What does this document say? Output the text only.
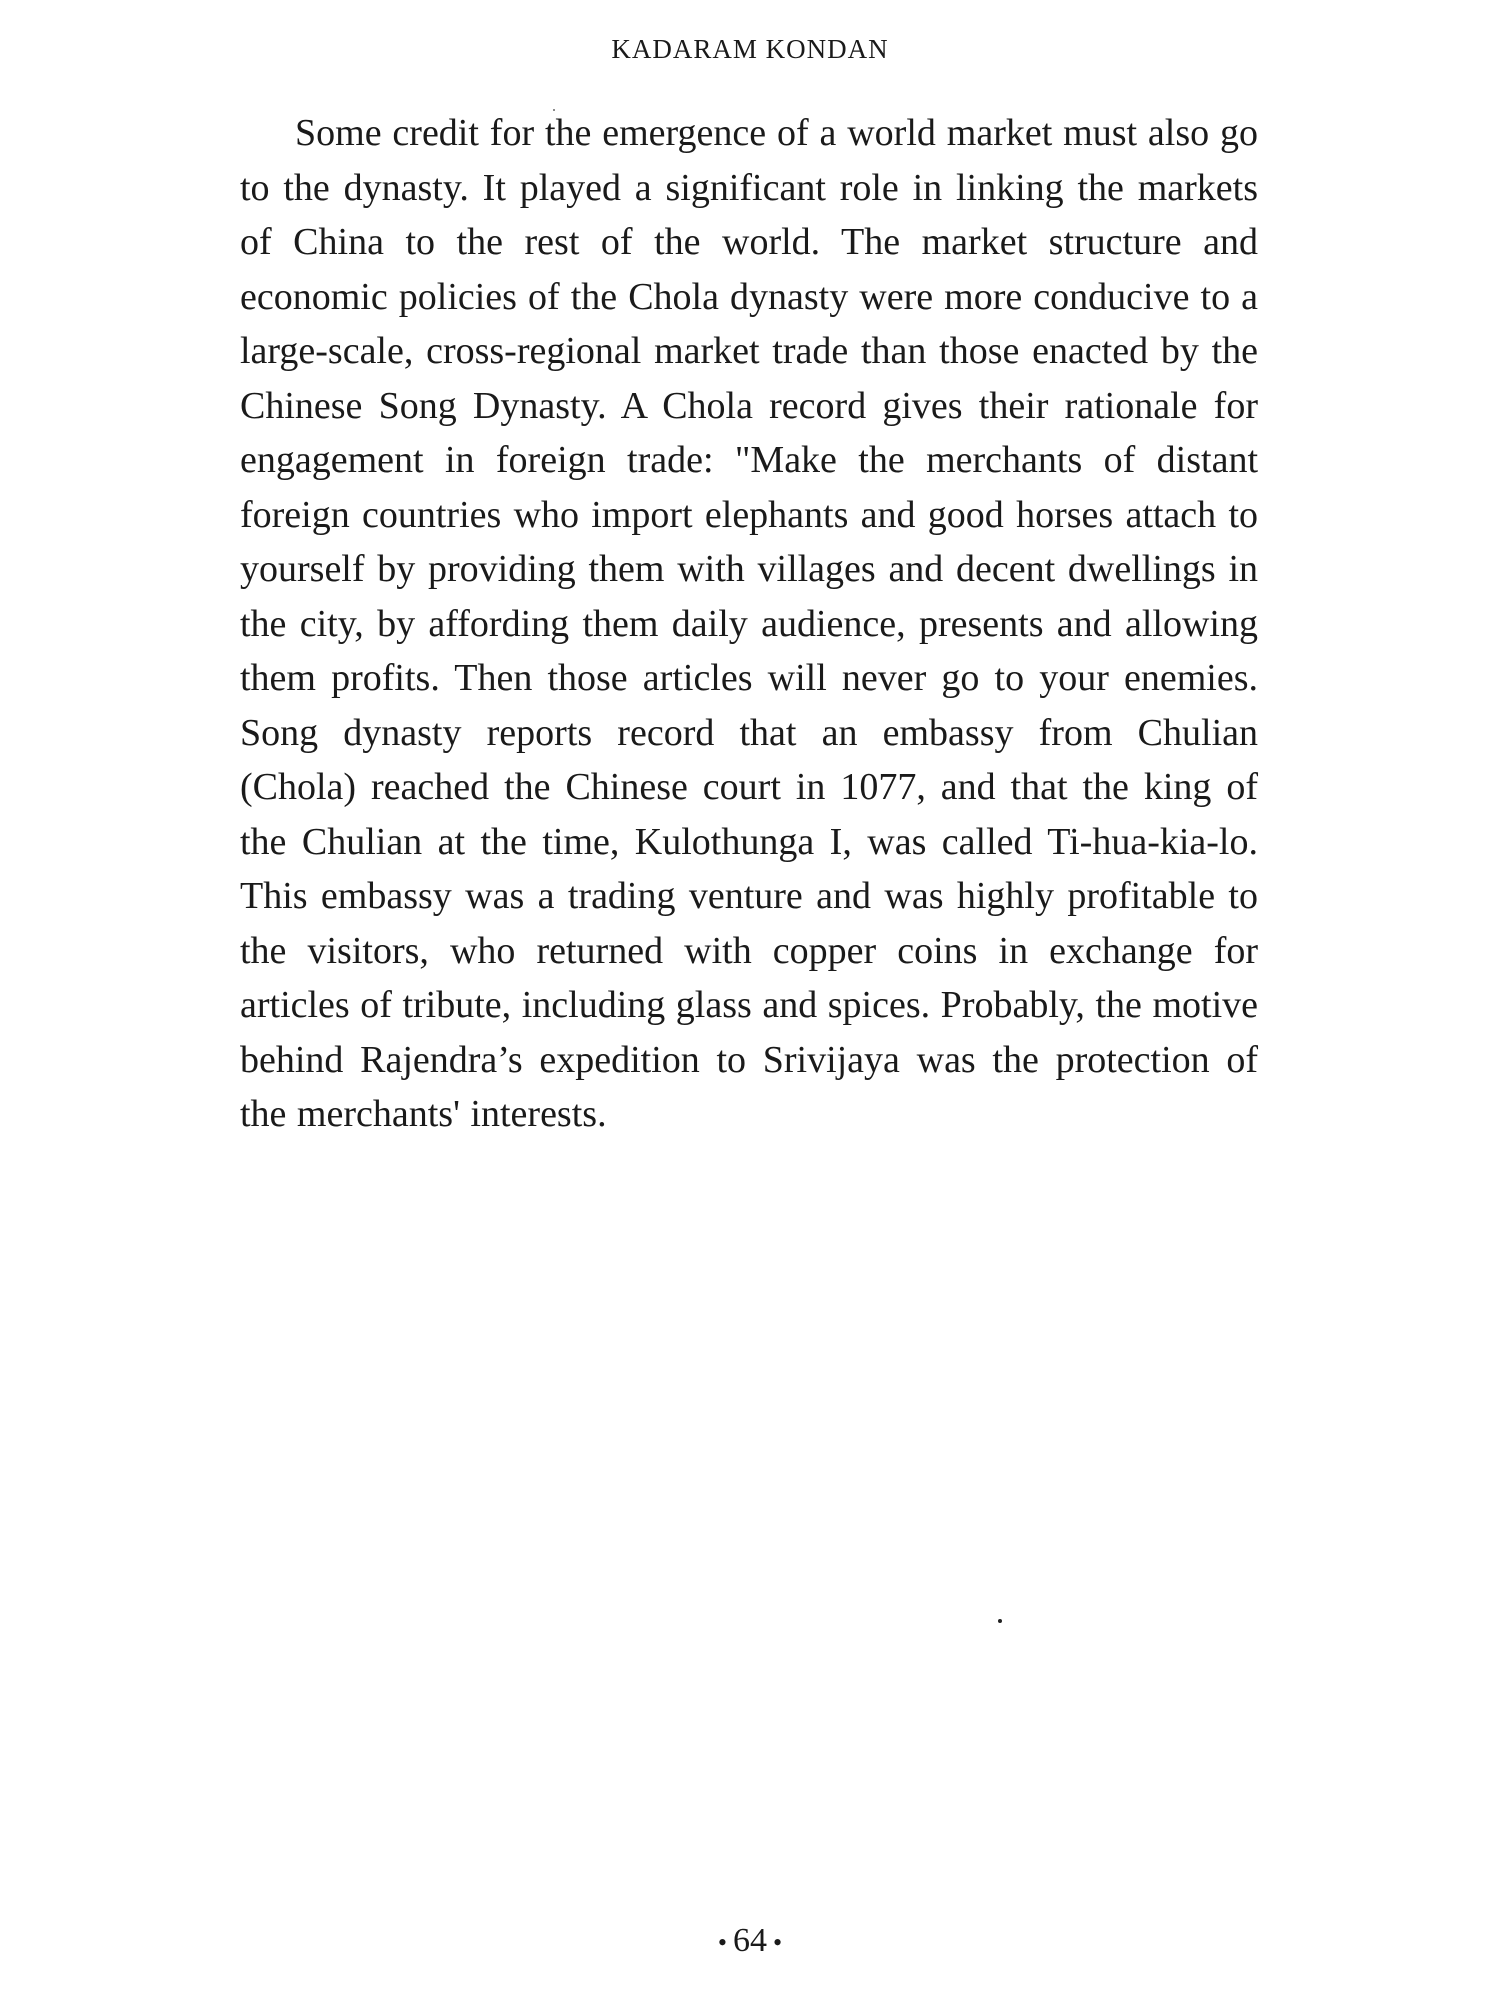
KADARAM KONDAN

Some credit for the emergence of a world market must also go to the dynasty. It played a significant role in linking the markets of China to the rest of the world. The market structure and economic policies of the Chola dynasty were more conducive to a large-scale, cross-regional market trade than those enacted by the Chinese Song Dynasty. A Chola record gives their rationale for engagement in foreign trade: "Make the merchants of distant foreign countries who import elephants and good horses attach to yourself by providing them with villages and decent dwellings in the city, by affording them daily audience, presents and allowing them profits. Then those articles will never go to your enemies. Song dynasty reports record that an embassy from Chulian (Chola) reached the Chinese court in 1077, and that the king of the Chulian at the time, Kulothunga I, was called Ti-hua-kia-lo. This embassy was a trading venture and was highly profitable to the visitors, who returned with copper coins in exchange for articles of tribute, including glass and spices. Probably, the motive behind Rajendra’s expedition to Srivijaya was the protection of the merchants' interests.

• 64 •
